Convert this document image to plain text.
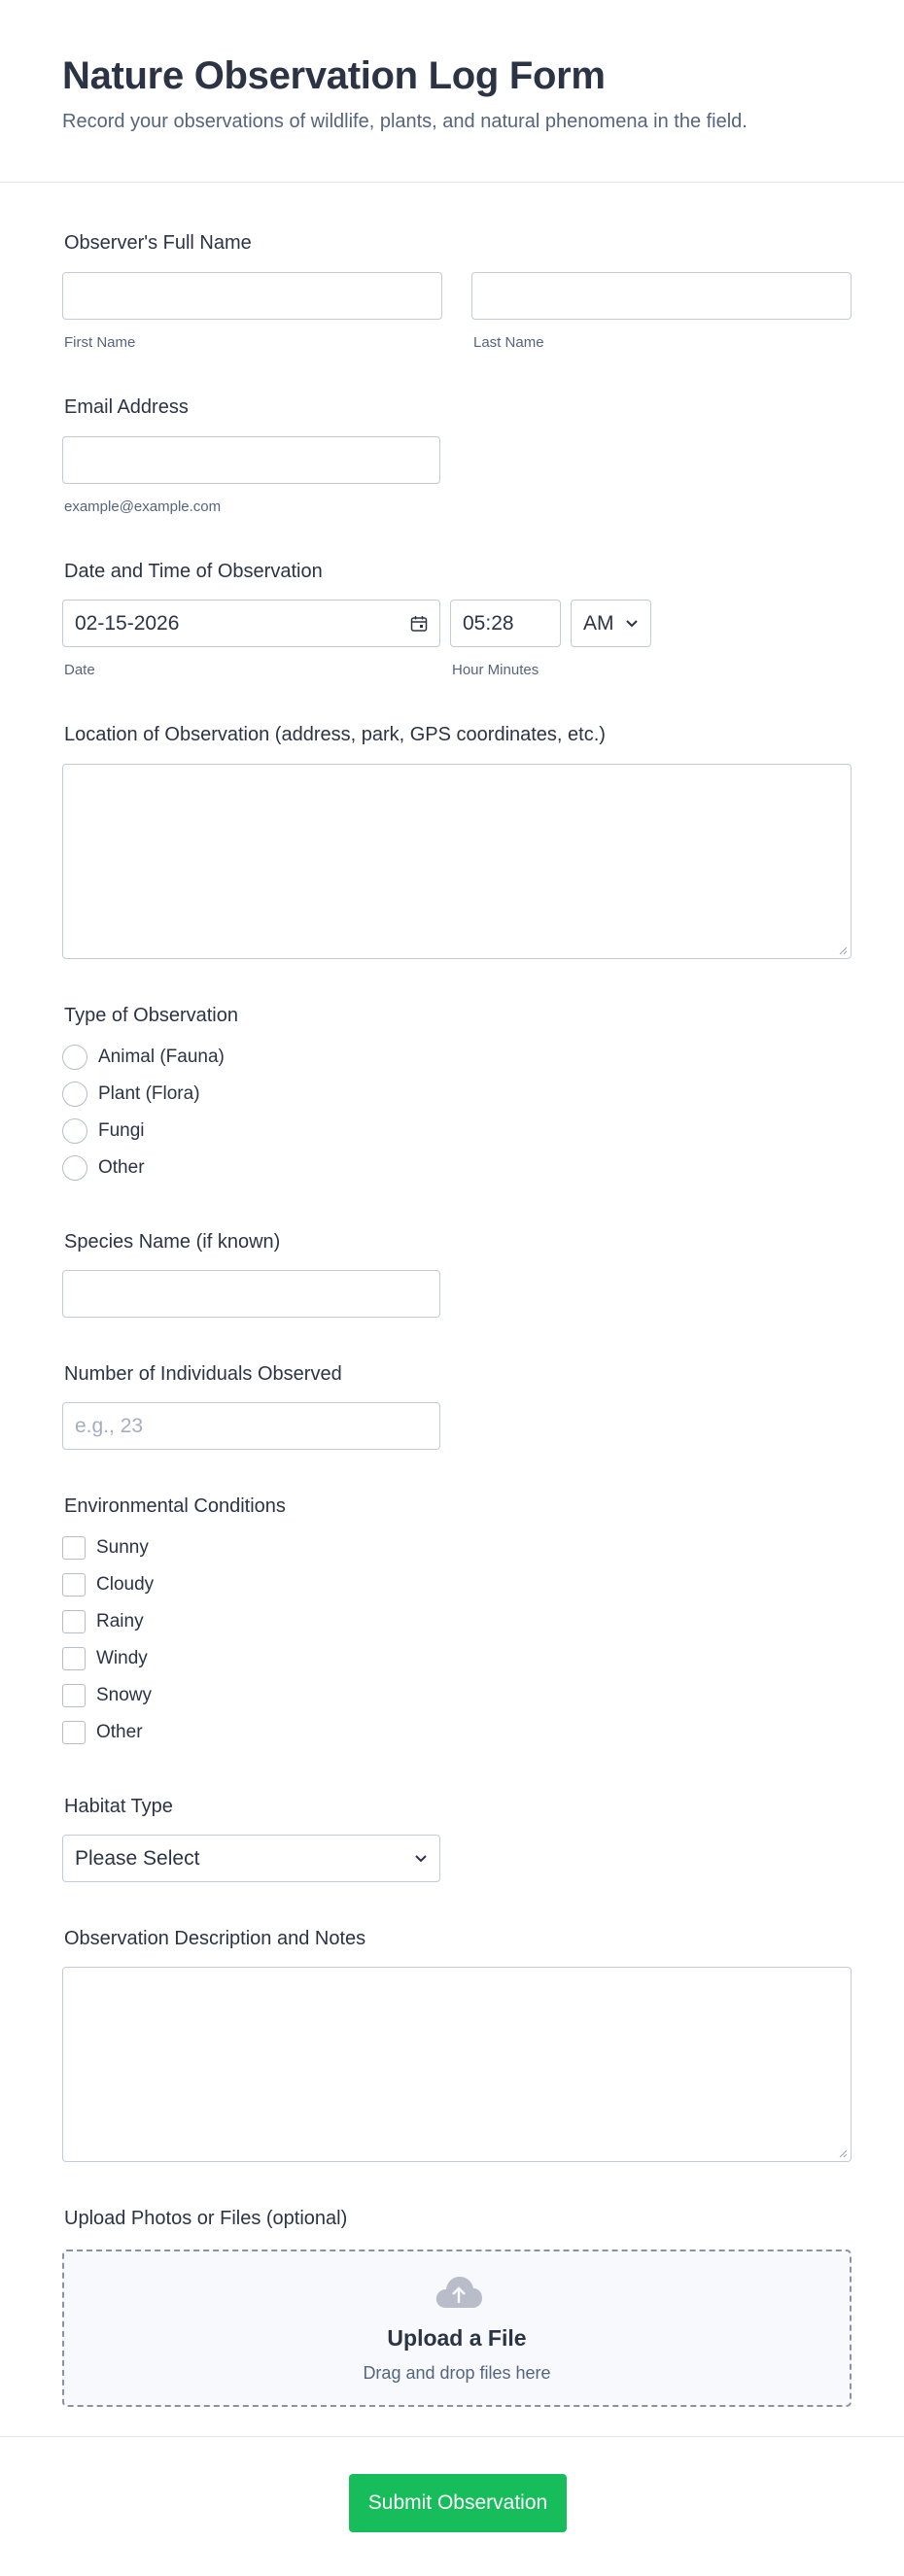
Nature Observation Log Form
Record your observations of wildlife, plants, and natural phenomena in the field.
Observer's Full Name
First Name	Last Name
Email Address
example@example.com
Date and Time of Observation
02-15-2026	05:28	AM
Date	Hour Minutes
Location of Observation (address, park, GPS coordinates, etc.)
Type of Observation
Animal (Fauna)
Plant (Flora)
Fungi
Other
Species Name (if known)
Number of Individuals Observed
e.g., 23
Environmental Conditions
Sunny
Cloudy
Rainy
Windy
Snowy
Other
Habitat Type
Please Select
Observation Description and Notes
Upload Photos or Files (optional)
Upload a File
Drag and drop files here
Submit Observation
